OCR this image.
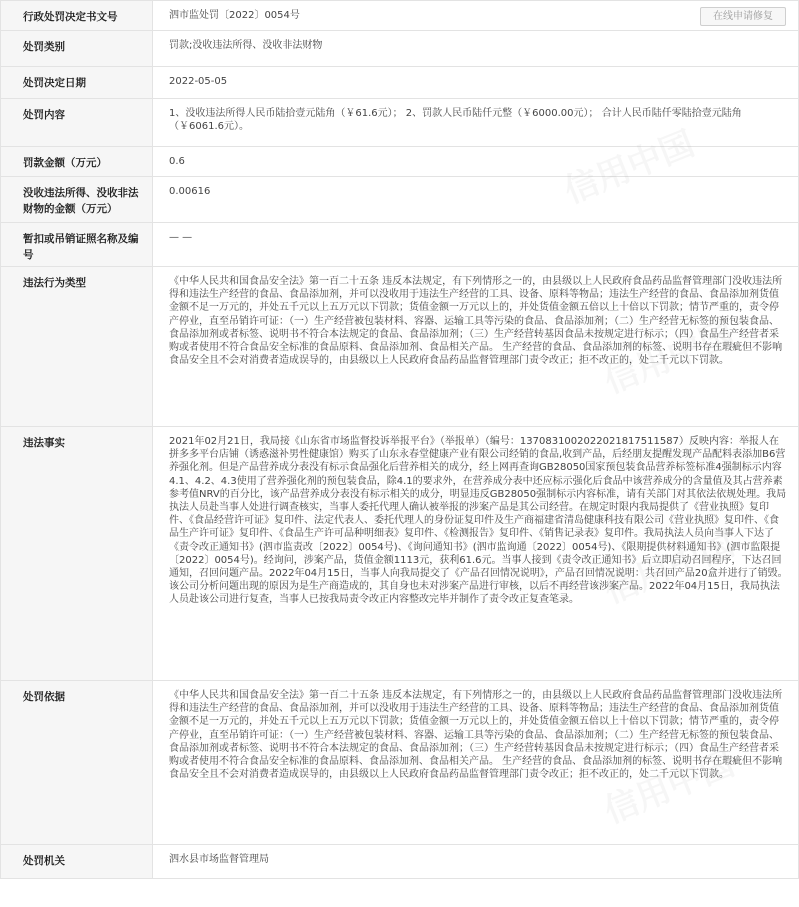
信用中国
信用中国
信用中国
信用中国
行政处罚决定书文号	泗市监处罚〔2022〕0054号 在线申请修复

处罚类别	罚款;没收违法所得、没收非法财物
处罚决定日期	2022-05-05
处罚内容	1、没收违法所得人民币陆拾壹元陆角（￥61.6元）； 2、罚款人民币陆仟元整（￥6000.00元）； 合计人民币陆仟零陆拾壹元陆角（￥6061.6元）。
罚款金额（万元）	0.6
没收违法所得、没收非法财物的金额（万元）	0.00616
暂扣或吊销证照名称及编号	— —
违法行为类型	《中华人民共和国食品安全法》第一百二十五条 违反本法规定，有下列情形之一的，由县级以上人民政府食品药品监督管理部门没收违法所得和违法生产经营的食品、食品添加剂，并可以没收用于违法生产经营的工具、设备、原料等物品；违法生产经营的食品、食品添加剂货值金额不足一万元的，并处五千元以上五万元以下罚款；货值金额一万元以上的，并处货值金额五倍以上十倍以下罚款；情节严重的，责令停产停业，直至吊销许可证：（一）生产经营被包装材料、容器、运输工具等污染的食品、食品添加剂；（二）生产经营无标签的预包装食品、食品添加剂或者标签、说明书不符合本法规定的食品、食品添加剂；（三）生产经营转基因食品未按规定进行标示；（四）食品生产经营者采购或者使用不符合食品安全标准的食品原料、食品添加剂、食品相关产品。 生产经营的食品、食品添加剂的标签、说明书存在瑕疵但不影响食品安全且不会对消费者造成误导的，由县级以上人民政府食品药品监督管理部门责令改正；拒不改正的，处二千元以下罚款。
违法事实	2021年02月21日，我局接《山东省市场监督投诉举报平台》（举报单）（编号：1370831002022021817511587）反映内容：举报人在拼多多平台店铺（诱惑滋补男性健康馆）购买了山东永春堂健康产业有限公司经销的食品,收到产品，后经朋友提醒发现产品配料表添加B6营养强化剂。但是产品营养成分表没有标示食品强化后营养相关的成分，经上网再查询GB28050国家预包装食品营养标签标准4强制标示内容4.1、4.2、4.3使用了营养强化剂的预包装食品，除4.1的要求外，在营养成分表中还应标示强化后食品中该营养成分的含量值及其占营养素参考值NRV的百分比，该产品营养成分表没有标示相关的成分，明显违反GB28050强制标示内容标准，请有关部门对其依法依规处理。我局执法人员赴当事人处进行调查核实，当事人委托代理人确认被举报的涉案产品是其公司经营。在规定时限内我局提供了《营业执照》复印件、《食品经营许可证》复印件、法定代表人、委托代理人的身份证复印件及生产商福建省清岛健康科技有限公司《营业执照》复印件、《食品生产许可证》复印件、《食品生产许可品种明细表》复印件、《检测报告》复印件、《销售记录表》复印件。我局执法人员向当事人下达了《责令改正通知书》(泗市监责改〔2022〕0054号)、《询问通知书》(泗市监询通〔2022〕0054号)、《限期提供材料通知书》(泗市监限提〔2022〕0054号)。经询问，涉案产品，货值金额1113元，获利61.6元。当事人接到《责令改正通知书》后立即启动召回程序，下达召回通知，召回问题产品。2022年04月15日，当事人向我局提交了《产品召回情况说明》，产品召回情况说明：共召回产品20盒并进行了销毁。该公司分析问题出现的原因为是生产商造成的，其自身也未对涉案产品进行审核，以后不再经营该涉案产品。2022年04月15日，我局执法人员赴该公司进行复查，当事人已按我局责令改正内容整改完毕并制作了责令改正复查笔录。
处罚依据	《中华人民共和国食品安全法》第一百二十五条 违反本法规定，有下列情形之一的，由县级以上人民政府食品药品监督管理部门没收违法所得和违法生产经营的食品、食品添加剂，并可以没收用于违法生产经营的工具、设备、原料等物品；违法生产经营的食品、食品添加剂货值金额不足一万元的，并处五千元以上五万元以下罚款；货值金额一万元以上的，并处货值金额五倍以上十倍以下罚款；情节严重的，责令停产停业，直至吊销许可证：（一）生产经营被包装材料、容器、运输工具等污染的食品、食品添加剂；（二）生产经营无标签的预包装食品、食品添加剂或者标签、说明书不符合本法规定的食品、食品添加剂；（三）生产经营转基因食品未按规定进行标示；（四）食品生产经营者采购或者使用不符合食品安全标准的食品原料、食品添加剂、食品相关产品。 生产经营的食品、食品添加剂的标签、说明书存在瑕疵但不影响食品安全且不会对消费者造成误导的，由县级以上人民政府食品药品监督管理部门责令改正；拒不改正的，处二千元以下罚款。
处罚机关	泗水县市场监督管理局
